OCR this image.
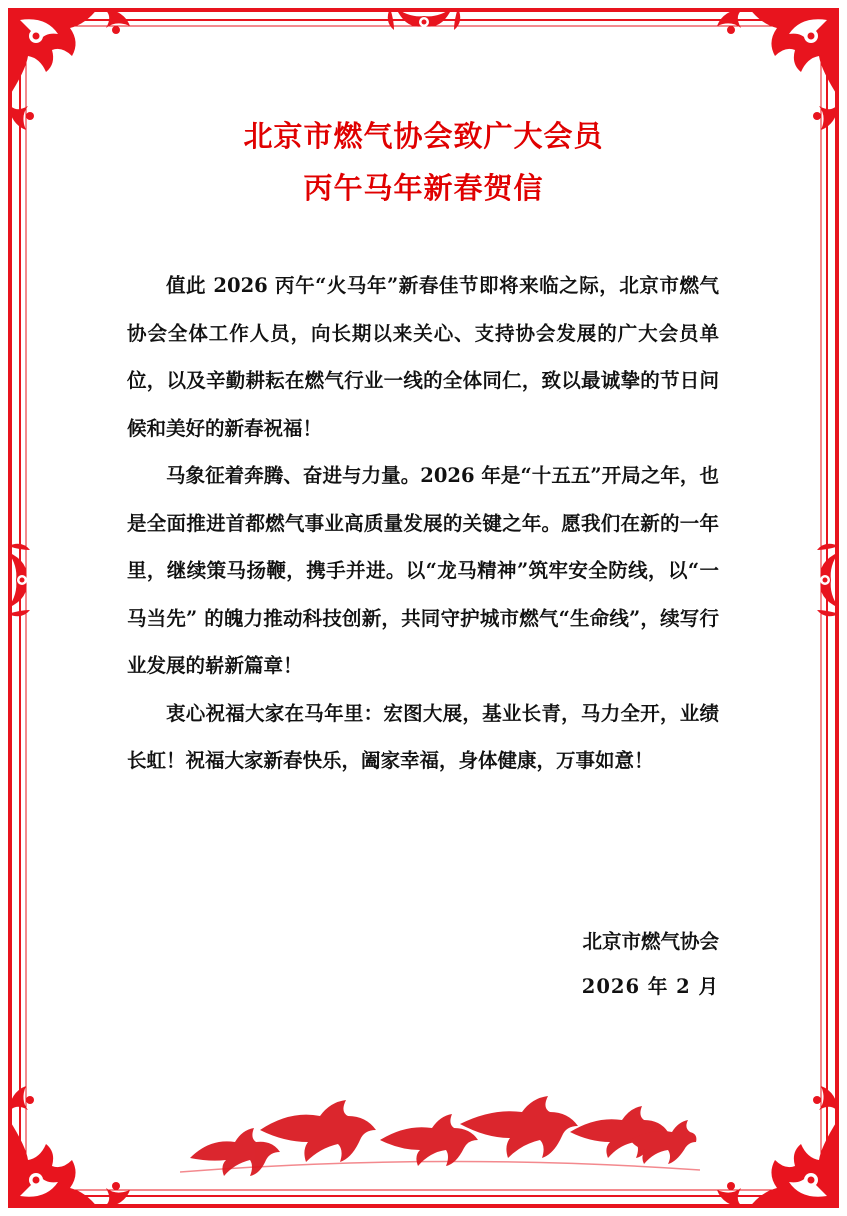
北京市燃气协会致广大会员
丙午马年新春贺信

值此 2026 丙午“火马年”新春佳节即将来临之际，北京市燃气协会全体工作人员，向长期以来关心、支持协会发展的广大会员单位，以及辛勤耕耘在燃气行业一线的全体同仁，致以最诚挚的节日问候和美好的新春祝福！

马象征着奔腾、奋进与力量。2026 年是“十五五”开局之年，也是全面推进首都燃气事业高质量发展的关键之年。愿我们在新的一年里，继续策马扬鞭，携手并进。以“龙马精神”筑牢安全防线，以“一马当先” 的魄力推动科技创新，共同守护城市燃气“生命线”，续写行业发展的崭新篇章！

衷心祝福大家在马年里：宏图大展，基业长青，马力全开，业绩长虹！祝福大家新春快乐，阖家幸福，身体健康，万事如意！

北京市燃气协会
2026 年 2 月
